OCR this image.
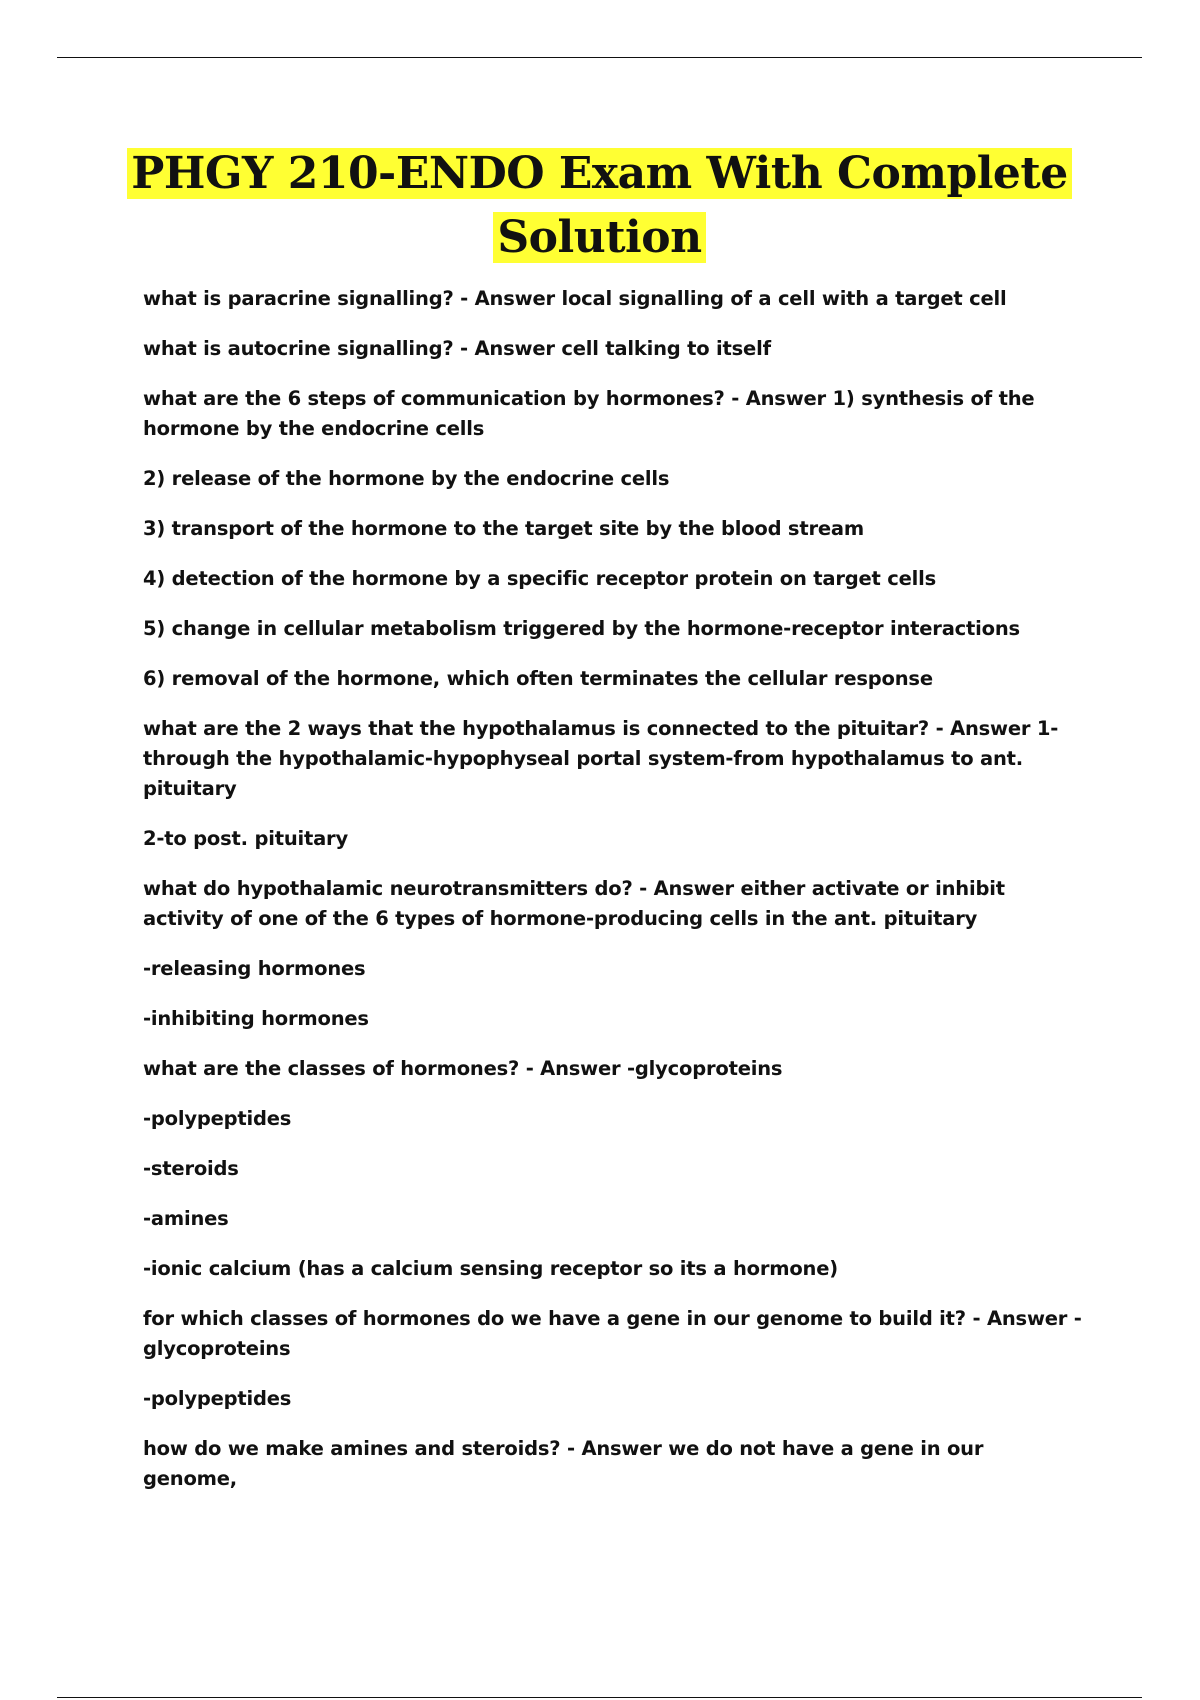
PHGY 210-ENDO Exam With Complete
Solution

what is paracrine signalling? - Answer local signalling of a cell with a target cell

what is autocrine signalling? - Answer cell talking to itself

what are the 6 steps of communication by hormones? - Answer 1) synthesis of the hormone by the endocrine cells

2) release of the hormone by the endocrine cells

3) transport of the hormone to the target site by the blood stream

4) detection of the hormone by a specific receptor protein on target cells

5) change in cellular metabolism triggered by the hormone-receptor interactions

6) removal of the hormone, which often terminates the cellular response

what are the 2 ways that the hypothalamus is connected to the pituitar? - Answer 1-through the hypothalamic-hypophyseal portal system-from hypothalamus to ant. pituitary

2-to post. pituitary

what do hypothalamic neurotransmitters do? - Answer either activate or inhibit activity of one of the 6 types of hormone-producing cells in the ant. pituitary

-releasing hormones

-inhibiting hormones

what are the classes of hormones? - Answer -glycoproteins

-polypeptides

-steroids

-amines

-ionic calcium (has a calcium sensing receptor so its a hormone)

for which classes of hormones do we have a gene in our genome to build it? - Answer -glycoproteins

-polypeptides

how do we make amines and steroids? - Answer we do not have a gene in our genome,
